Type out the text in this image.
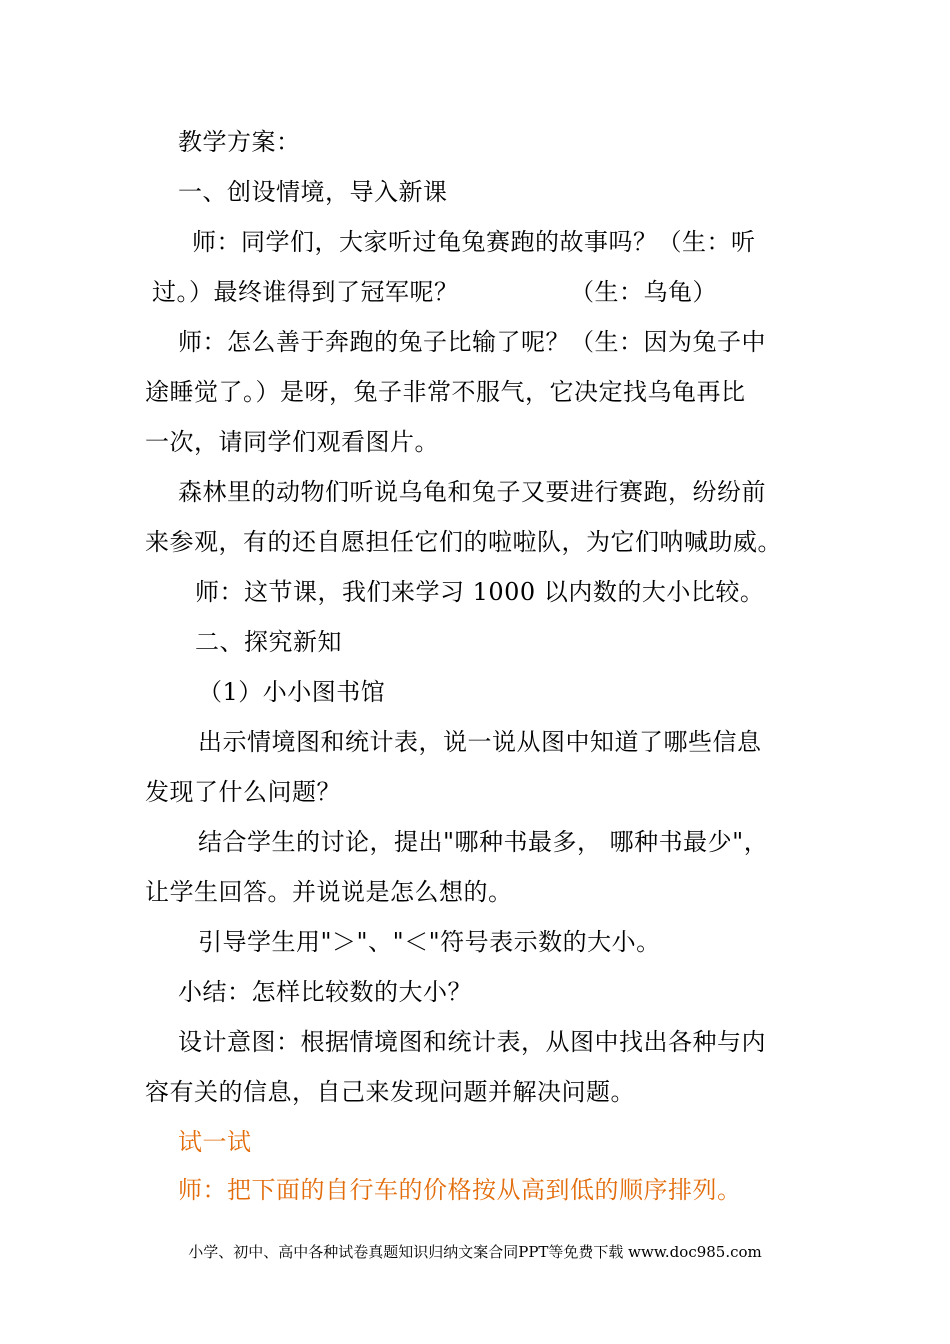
教学方案：
一、创设情境，导入新课
师：同学们，大家听过龟兔赛跑的故事吗？（生：听
过。）最终谁得到了冠军呢？	（生：乌龟）
师：怎么善于奔跑的兔子比输了呢？（生：因为兔子中
途睡觉了。）是呀，兔子非常不服气，它决定找乌龟再比
一次，请同学们观看图片。
森林里的动物们听说乌龟和兔子又要进行赛跑，纷纷前
来参观，有的还自愿担任它们的啦啦队，为它们呐喊助威。
师：这节课，我们来学习 1000 以内数的大小比较。
二、探究新知
（1）小小图书馆
出示情境图和统计表，说一说从图中知道了哪些信息
发现了什么问题？
结合学生的讨论，提出"哪种书最多， 哪种书最少"，
让学生回答。并说说是怎么想的。
引导学生用"＞"、"＜"符号表示数的大小。
小结：怎样比较数的大小？
设计意图：根据情境图和统计表，从图中找出各种与内
容有关的信息，自己来发现问题并解决问题。
试一试
师：把下面的自行车的价格按从高到低的顺序排列。
小学、初中、高中各种试卷真题知识归纳文案合同PPT等免费下载 www.doc985.com
